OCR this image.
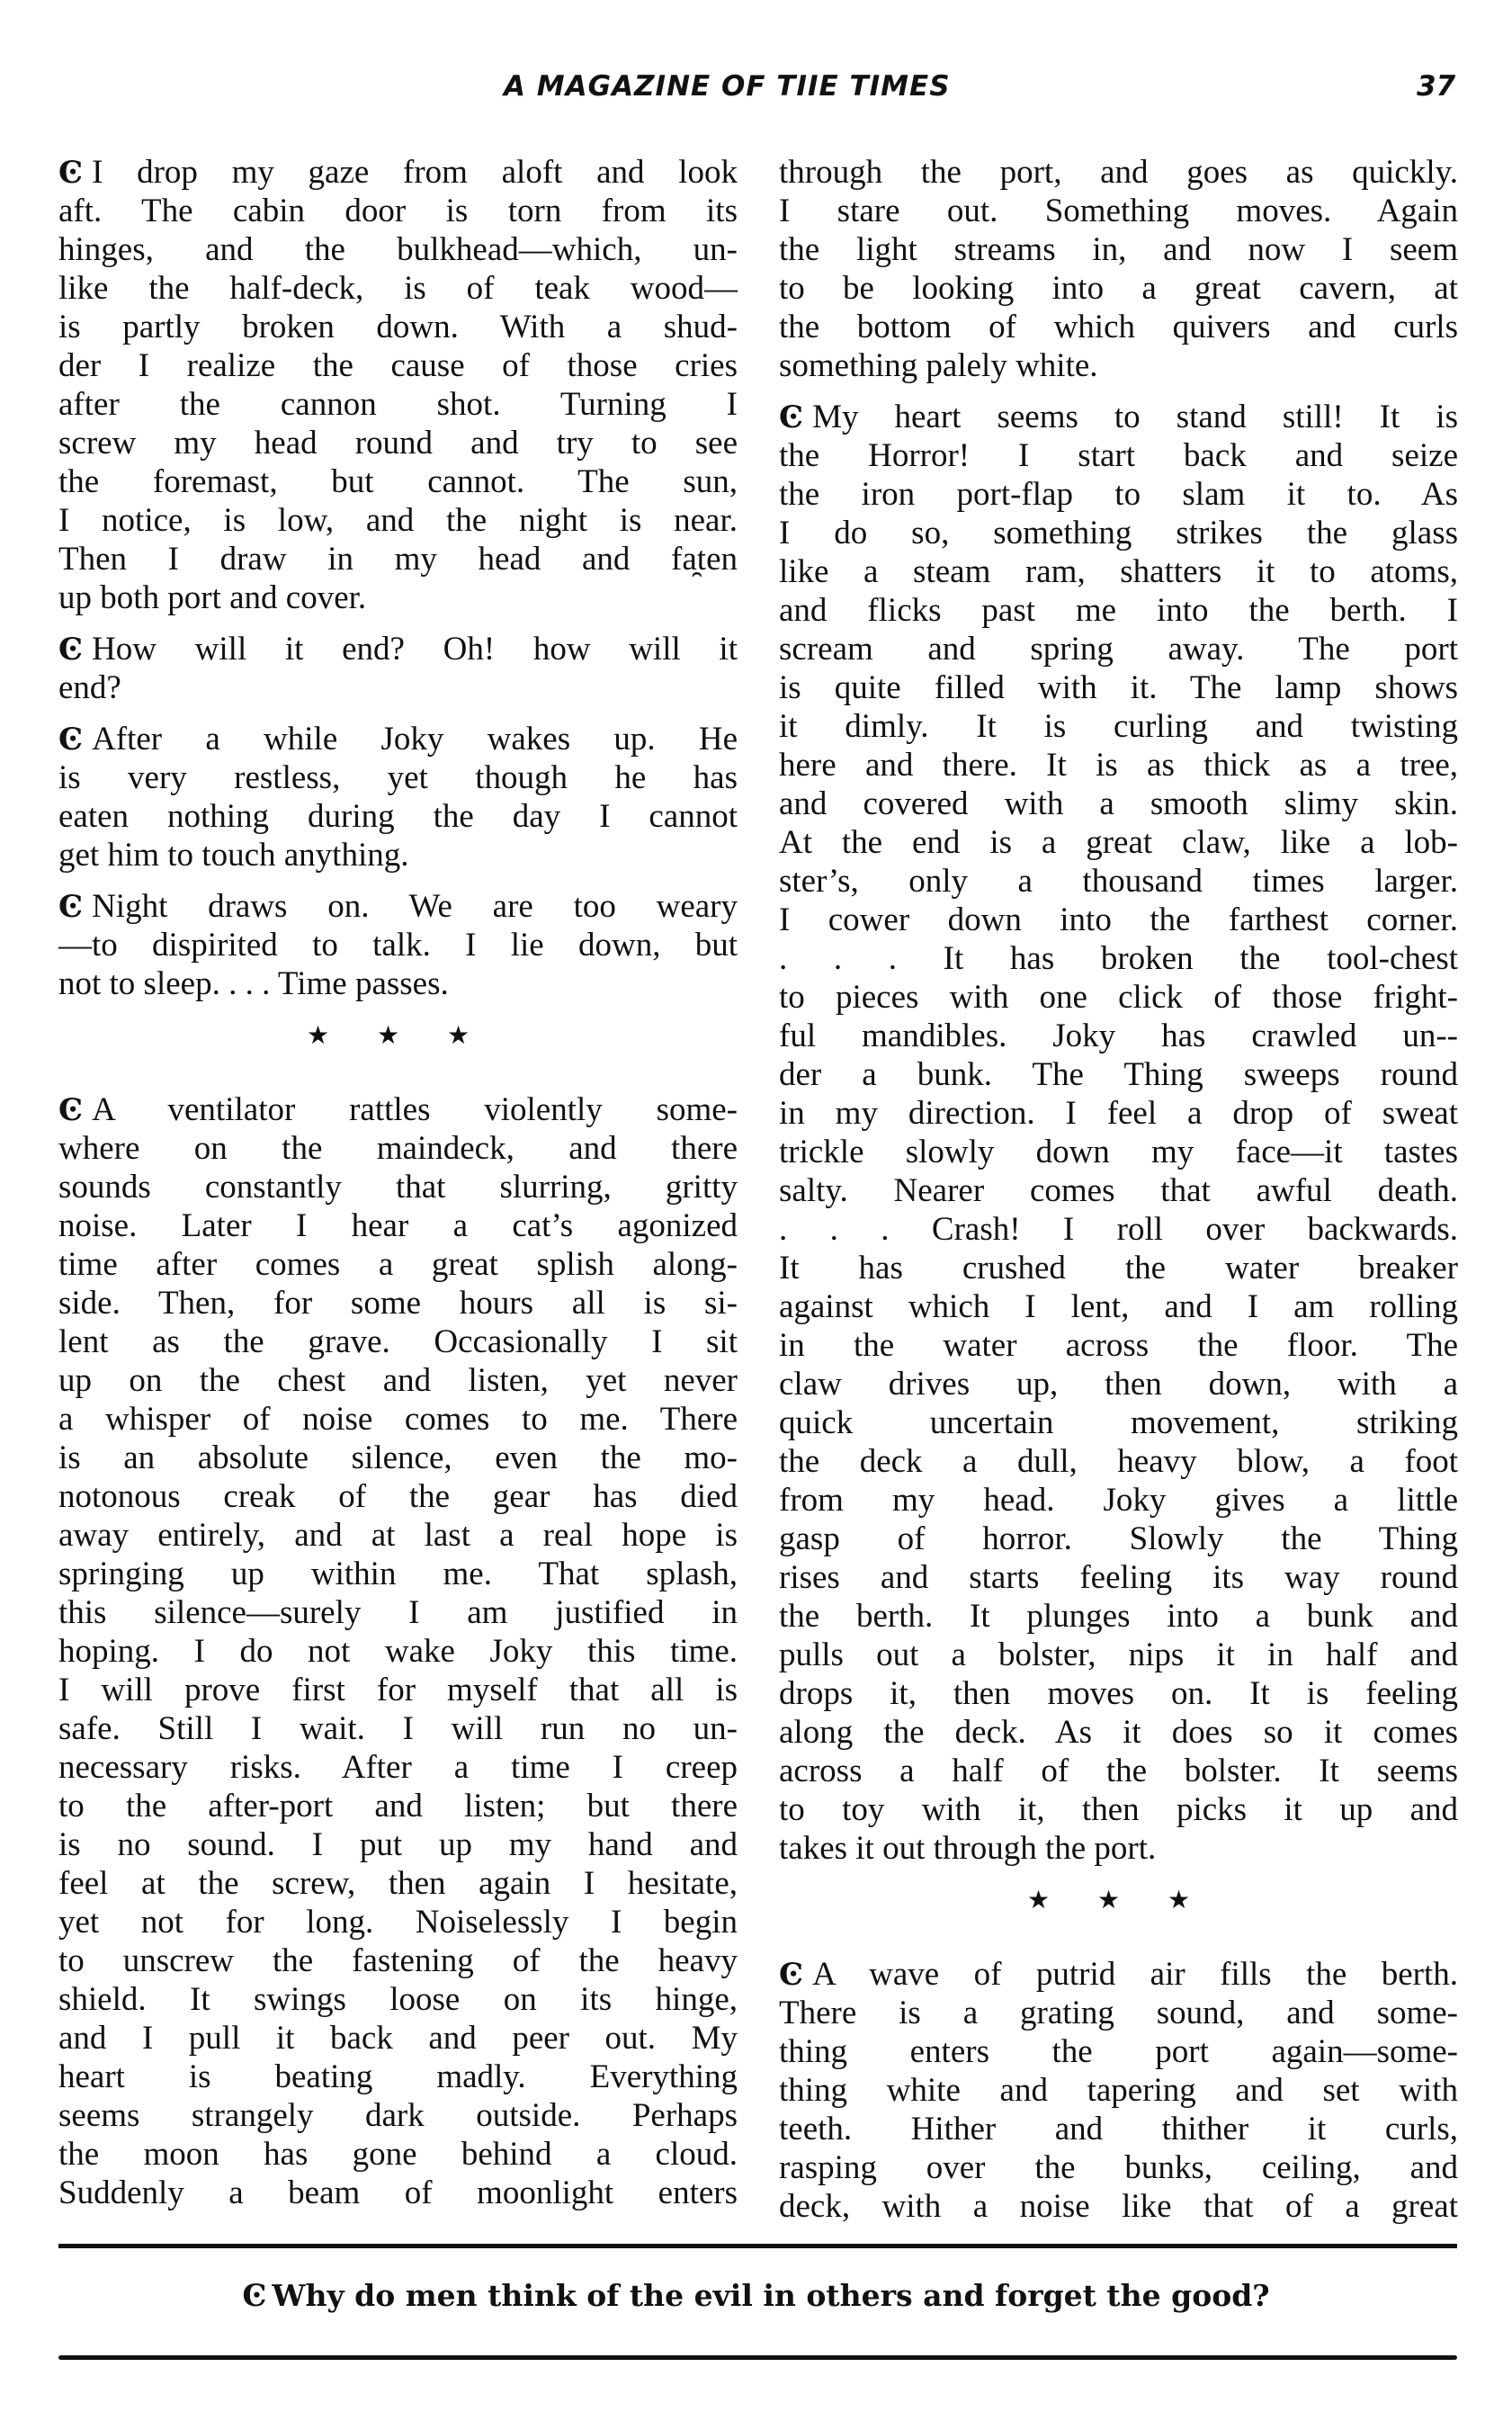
A MAGAZINE OF TIIE TIMES	37
Ͼ I drop my gaze from aloft and look
aft. The cabin door is torn from its
hinges, and the bulkhead—which, un-
like the half-deck, is of teak wood—
is partly broken down. With a shud-
der I realize the cause of those cries
after the cannon shot. Turning I
screw my head round and try to see
the foremast, but cannot. The sun,
I notice, is low, and the night is near.
Then I draw in my head and fa̯ten
up both port and cover.
Ͼ How will it end? Oh! how will it
end?
Ͼ After a while Joky wakes up. He
is very restless, yet though he has
eaten nothing during the day I cannot
get him to touch anything.
Ͼ Night draws on. We are too weary
—to dispirited to talk. I lie down, but
not to sleep. . . . Time passes.
★ ★ ★
Ͼ A ventilator rattles violently some-
where on the maindeck, and there
sounds constantly that slurring, gritty
noise. Later I hear a cat’s agonized
time after comes a great splish along-
side. Then, for some hours all is si-
lent as the grave. Occasionally I sit
up on the chest and listen, yet never
a whisper of noise comes to me. There
is an absolute silence, even the mo-
notonous creak of the gear has died
away entirely, and at last a real hope is
springing up within me. That splash,
this silence—surely I am justified in
hoping. I do not wake Joky this time.
I will prove first for myself that all is
safe. Still I wait. I will run no un-
necessary risks. After a time I creep
to the after-port and listen; but there
is no sound. I put up my hand and
feel at the screw, then again I hesitate,
yet not for long. Noiselessly I begin
to unscrew the fastening of the heavy
shield. It swings loose on its hinge,
and I pull it back and peer out. My
heart is beating madly. Everything
seems strangely dark outside. Perhaps
the moon has gone behind a cloud.
Suddenly a beam of moonlight enters
through the port, and goes as quickly.
I stare out. Something moves. Again
the light streams in, and now I seem
to be looking into a great cavern, at
the bottom of which quivers and curls
something palely white.
Ͼ My heart seems to stand still! It is
the Horror! I start back and seize
the iron port-flap to slam it to. As
I do so, something strikes the glass
like a steam ram, shatters it to atoms,
and flicks past me into the berth. I
scream and spring away. The port
is quite filled with it. The lamp shows
it dimly. It is curling and twisting
here and there. It is as thick as a tree,
and covered with a smooth slimy skin.
At the end is a great claw, like a lob-
ster’s, only a thousand times larger.
I cower down into the farthest corner.
. . . It has broken the tool-chest
to pieces with one click of those fright-
ful mandibles. Joky has crawled un--
der a bunk. The Thing sweeps round
in my direction. I feel a drop of sweat
trickle slowly down my face—it tastes
salty. Nearer comes that awful death.
. . . Crash! I roll over backwards.
It has crushed the water breaker
against which I lent, and I am rolling
in the water across the floor. The
claw drives up, then down, with a
quick uncertain movement, striking
the deck a dull, heavy blow, a foot
from my head. Joky gives a little
gasp of horror. Slowly the Thing
rises and starts feeling its way round
the berth. It plunges into a bunk and
pulls out a bolster, nips it in half and
drops it, then moves on. It is feeling
along the deck. As it does so it comes
across a half of the bolster. It seems
to toy with it, then picks it up and
takes it out through the port.
★ ★ ★
Ͼ A wave of putrid air fills the berth.
There is a grating sound, and some-
thing enters the port again—some-
thing white and tapering and set with
teeth. Hither and thither it curls,
rasping over the bunks, ceiling, and
deck, with a noise like that of a great
Ͼ Why do men think of the evil in others and forget the good?
